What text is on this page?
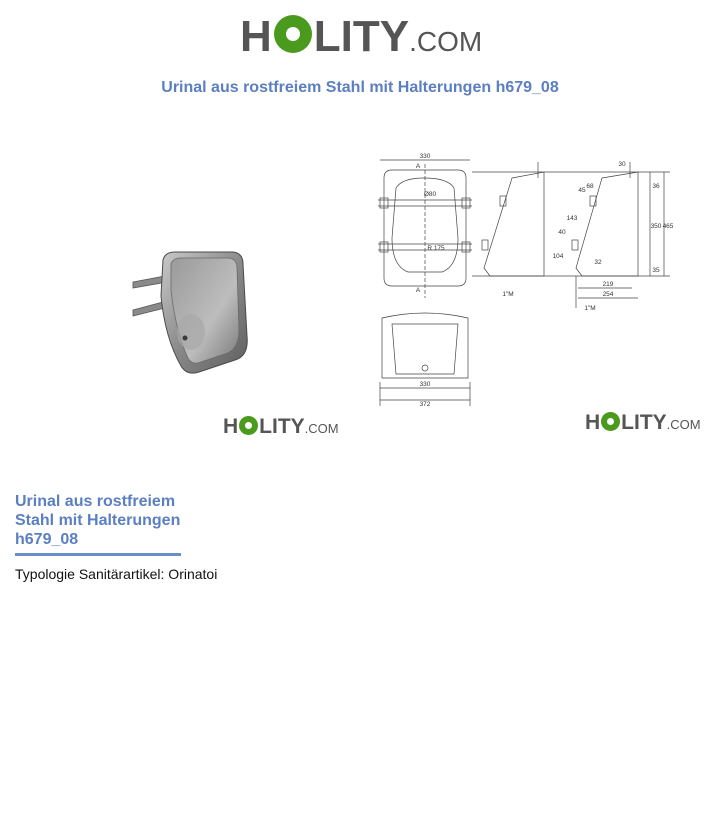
H LITY .COM
Urinal aus rostfreiem Stahl mit Halterungen h679_08
330
330
372
Ø80
R 175
A
A
30
36
350 465
35
45
68
143
40
104
32
219
254
1"M
1"M
H LITY .COM	H LITY .COM
Urinal aus rostfreiem
Stahl mit Halterungen
h679_08
Typologie Sanitärartikel: Orinatoi
